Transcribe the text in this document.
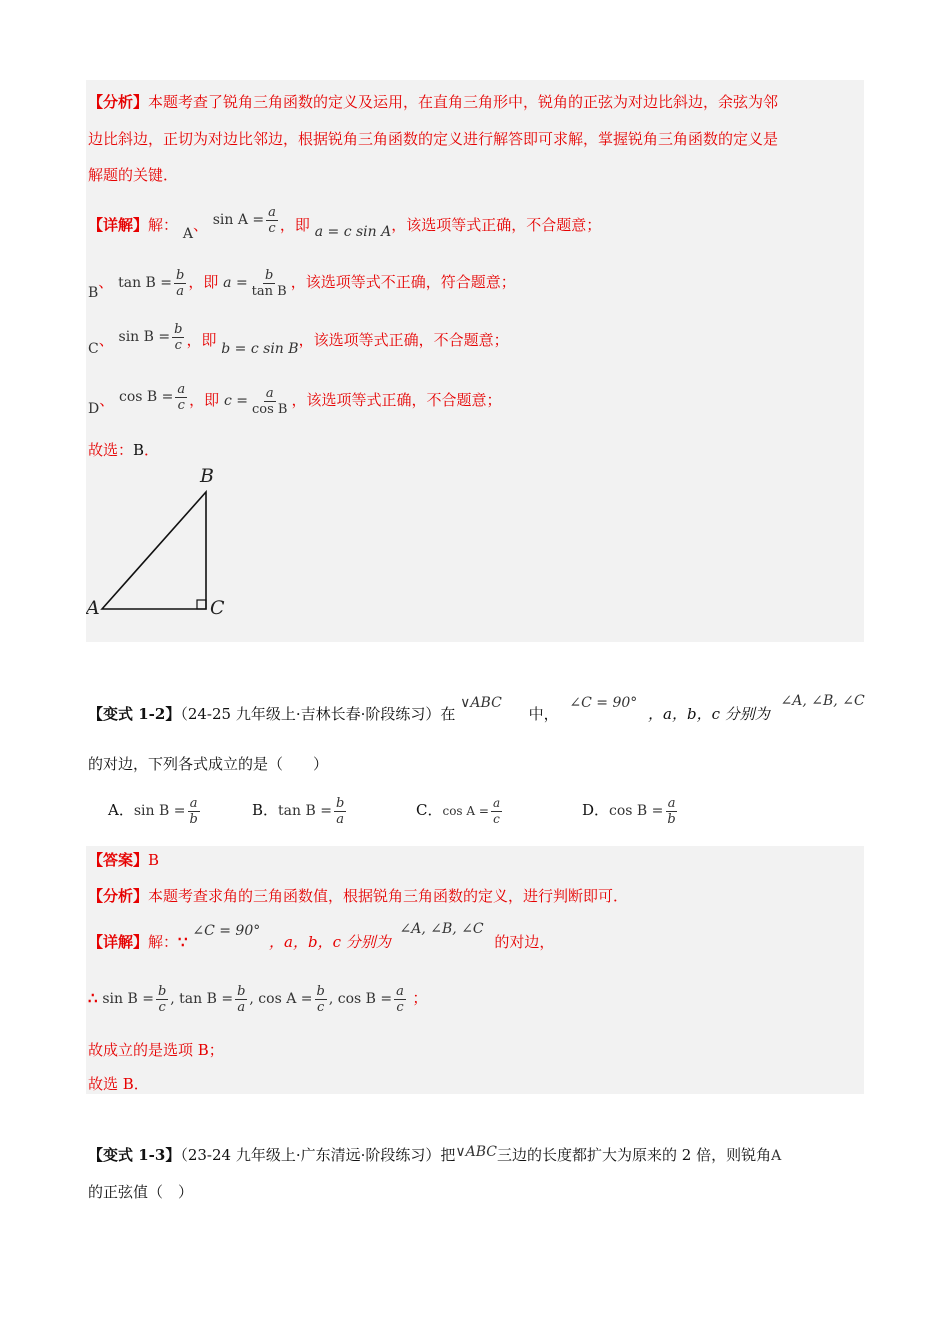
【分析】本题考查了锐角三角函数的定义及运用，在直角三角形中，锐角的正弦为对边比斜边，余弦为邻
边比斜边，正切为对边比邻边，根据锐角三角函数的定义进行解答即可求解，掌握锐角三角函数的定义是
解题的关键．
【详解】解： A、 $\sin A = \frac{a}{c}$ ，即 a = c sin A，该选项等式正确，不合题意；
B、 $\tan B = \frac{b}{a}$ ，即 $a = \frac{b}{\text{tan B}}$ ，该选项等式不正确，符合题意；
C、 $\sin B = \frac{b}{c}$ ，即 b = c sin B，该选项等式正确，不合题意；
D、 $\cos B = \frac{a}{c}$ ，即 $c = \frac{a}{\text{cos B}}$ ，该选项等式正确，不合题意；
故选：B．
B
A	C
【变式 1-2】（24-25 九年级上·吉林长春·阶段练习）在 ∨ABC 中， ∠C = 90° ，a，b，c 分别为 ∠A, ∠B, ∠C
的对边，下列各式成立的是（　　）
A．$\sin B = \frac{a}{b}$	B．$\tan B = \frac{b}{a}$	C．$\cos A = \frac{a}{c}$	D．$\cos B = \frac{a}{b}$
【答案】B
【分析】本题考查求角的三角函数值，根据锐角三角函数的定义，进行判断即可．
【详解】解：∵ ∠C = 90° ，a，b，c 分别为 ∠A, ∠B, ∠C 的对边，
∴ $\sin B = \frac{b}{c}$ , $\tan B = \frac{b}{a}$ , $\cos A = \frac{b}{c}$ , $\cos B = \frac{a}{c}$ ；
故成立的是选项 B；
故选 B．
【变式 1-3】（23-24 九年级上·广东清远·阶段练习）把∨ABC三边的长度都扩大为原来的 2 倍，则锐角A
的正弦值（　）
